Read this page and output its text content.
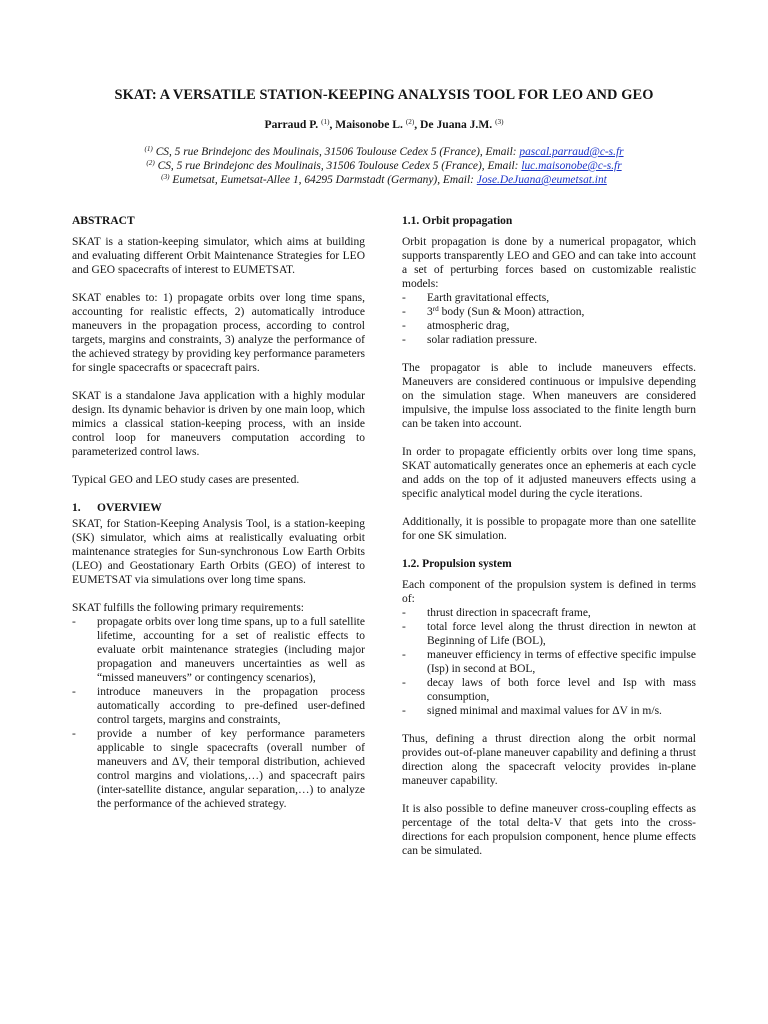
SKAT: A VERSATILE STATION-KEEPING ANALYSIS TOOL FOR LEO AND GEO
Parraud P. $^{(1)}$, Maisonobe L. $^{(2)}$, De Juana J.M. $^{(3)}$
$^{(1)}$ CS, 5 rue Brindejonc des Moulinais, 31506 Toulouse Cedex 5 (France), Email: pascal.parraud@c-s.fr
$^{(2)}$ CS, 5 rue Brindejonc des Moulinais, 31506 Toulouse Cedex 5 (France), Email: luc.maisonobe@c-s.fr
$^{(3)}$ Eumetsat, Eumetsat-Allee 1, 64295 Darmstadt (Germany), Email: Jose.DeJuana@eumetsat.int
ABSTRACT

SKAT is a station-keeping simulator, which aims at building and evaluating different Orbit Maintenance Strategies for LEO and GEO spacecrafts of interest to EUMETSAT.

SKAT enables to: 1) propagate orbits over long time spans, accounting for realistic effects, 2) automatically introduce maneuvers in the propagation process, according to control targets, margins and constraints, 3) analyze the performance of the achieved strategy by providing key performance parameters for single spacecrafts or spacecraft pairs.

SKAT is a standalone Java application with a highly modular design. Its dynamic behavior is driven by one main loop, which mimics a classical station-keeping process, with an inside control loop for maneuvers computation according to parameterized control laws.

Typical GEO and LEO study cases are presented.

1. OVERVIEW

SKAT, for Station-Keeping Analysis Tool, is a station-keeping (SK) simulator, which aims at realistically evaluating orbit maintenance strategies for Sun-synchronous Low Earth Orbits (LEO) and Geostationary Earth Orbits (GEO) of interest to EUMETSAT via simulations over long time spans.

SKAT fulfills the following primary requirements:

- propagate orbits over long time spans, up to a full satellite lifetime, accounting for a set of realistic effects to evaluate orbit maintenance strategies (including major propagation and maneuvers uncertainties as well as “missed maneuvers” or contingency scenarios),
- introduce maneuvers in the propagation process automatically according to pre-defined user-defined control targets, margins and constraints,
- provide a number of key performance parameters applicable to single spacecrafts (overall number of maneuvers and ΔV, their temporal distribution, achieved control margins and violations,…) and spacecraft pairs (inter-satellite distance, angular separation,…) to analyze the performance of the achieved strategy.
1.1. Orbit propagation

Orbit propagation is done by a numerical propagator, which supports transparently LEO and GEO and can take into account a set of perturbing forces based on customizable realistic models:

- Earth gravitational effects,
- 3rd body (Sun & Moon) attraction,
- atmospheric drag,
- solar radiation pressure.

The propagator is able to include maneuvers effects. Maneuvers are considered continuous or impulsive depending on the simulation stage. When maneuvers are considered impulsive, the impulse loss associated to the finite length burn can be taken into account.

In order to propagate efficiently orbits over long time spans, SKAT automatically generates once an ephemeris at each cycle and adds on the top of it adjusted maneuvers effects using a specific analytical model during the cycle iterations.

Additionally, it is possible to propagate more than one satellite for one SK simulation.

1.2. Propulsion system

Each component of the propulsion system is defined in terms of:

- thrust direction in spacecraft frame,
- total force level along the thrust direction in newton at Beginning of Life (BOL),
- maneuver efficiency in terms of effective specific impulse (Isp) in second at BOL,
- decay laws of both force level and Isp with mass consumption,
- signed minimal and maximal values for ΔV in m/s.

Thus, defining a thrust direction along the orbit normal provides out-of-plane maneuver capability and defining a thrust direction along the spacecraft velocity provides in-plane maneuver capability.

It is also possible to define maneuver cross-coupling effects as percentage of the total delta-V that gets into the cross-directions for each propulsion component, hence plume effects can be simulated.
